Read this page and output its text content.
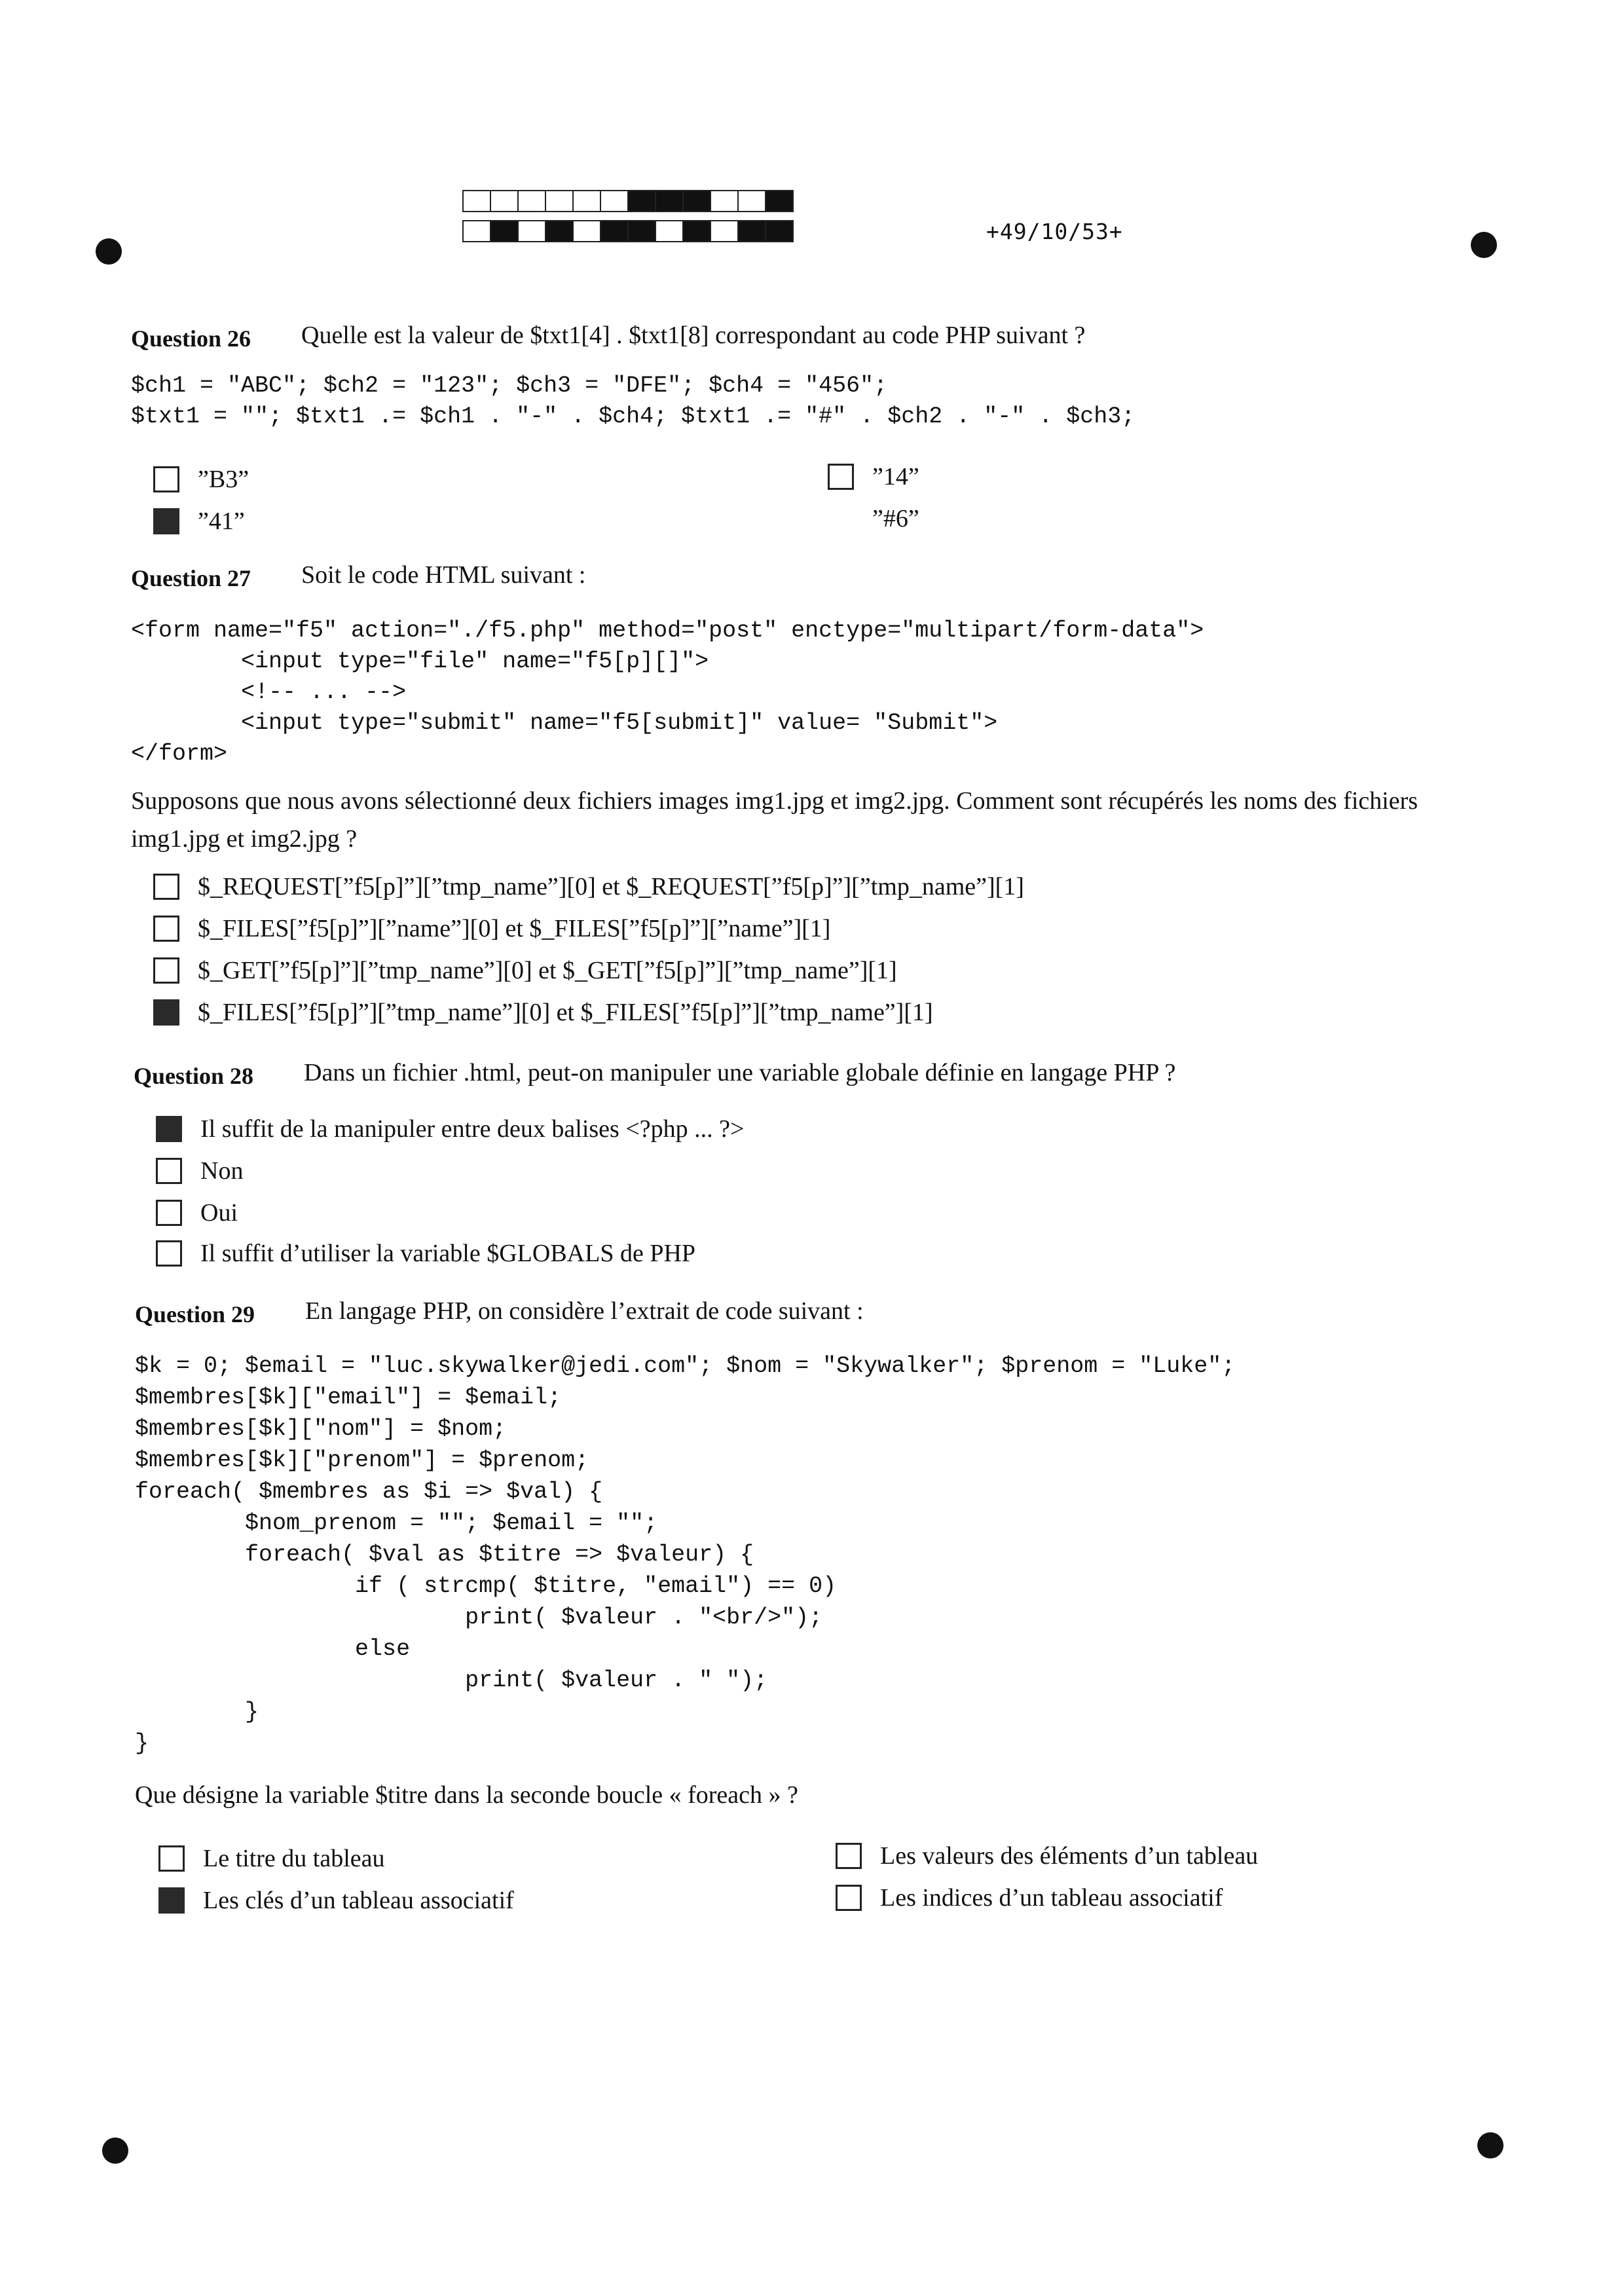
+49/10/53+
Question 26 Quelle est la valeur de $txt1[4] . $txt1[8] correspondant au code PHP suivant ?
$ch1 = "ABC"; $ch2 = "123"; $ch3 = "DFE"; $ch4 = "456";
$txt1 = ""; $txt1 .= $ch1 . "-" . $ch4; $txt1 .= "#" . $ch2 . "-" . $ch3;
”B3”	”14”
”41”	”#6”
Question 27 Soit le code HTML suivant :
<form name="f5" action="./f5.php" method="post" enctype="multipart/form-data">
<input type="file" name="f5[p][]">
<!-- ... -->
<input type="submit" name="f5[submit]" value= "Submit">
</form>
Supposons que nous avons sélectionné deux fichiers images img1.jpg et img2.jpg. Comment sont récupérés les noms des fichiers img1.jpg et img2.jpg ?
$_REQUEST[”f5[p]”][”tmp_name”][0] et $_REQUEST[”f5[p]”][”tmp_name”][1]
$_FILES[”f5[p]”][”name”][0] et $_FILES[”f5[p]”][”name”][1]
$_GET[”f5[p]”][”tmp_name”][0] et $_GET[”f5[p]”][”tmp_name”][1]
$_FILES[”f5[p]”][”tmp_name”][0] et $_FILES[”f5[p]”][”tmp_name”][1]
Question 28 Dans un fichier .html, peut-on manipuler une variable globale définie en langage PHP ?
Il suffit de la manipuler entre deux balises <?php ... ?>
Non
Oui
Il suffit d’utiliser la variable $GLOBALS de PHP
Question 29 En langage PHP, on considère l’extrait de code suivant :
$k = 0; $email = "luc.skywalker@jedi.com"; $nom = "Skywalker"; $prenom = "Luke";
$membres[$k]["email"] = $email;
$membres[$k]["nom"] = $nom;
$membres[$k]["prenom"] = $prenom;
foreach( $membres as $i => $val) {
$nom_prenom = ""; $email = "";
foreach( $val as $titre => $valeur) {
if ( strcmp( $titre, "email") == 0)
print( $valeur . "<br/>");
else
print( $valeur . " ");
}
}
Que désigne la variable $titre dans la seconde boucle « foreach » ?
Le titre du tableau	Les valeurs des éléments d’un tableau
Les clés d’un tableau associatif	Les indices d’un tableau associatif
